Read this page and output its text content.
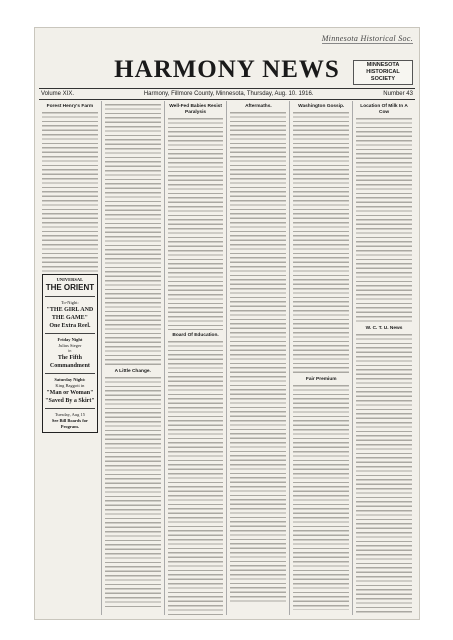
Minnesota Historical Soc.
HARMONY NEWS	MINNESOTA
HISTORICAL
SOCIETY
Volume XIX.	Harmony, Fillmore County, Minnesota, Thursday, Aug. 10. 1916.	Number 43
Forest Henry's Farm
UNIVERSAL
THE ORIENT
To-Night:
"THE GIRL AND THE GAME"
One Extra Reel.
Friday Night
Julius Steger
in
The Fifth Commandment
Saturday Night:
King Baggott in
"Man or Woman"
"Saved By a Skirt"
Tuesday, Aug 15
See Bill Boards for Program.
A Little Change.
Well-Fed Babies Resist Paralysis
Board Of Education.
Aftermaths.	Washington Gossip.
Fair Premium
Location Of Milk In A Cow
W. C. T. U. News
